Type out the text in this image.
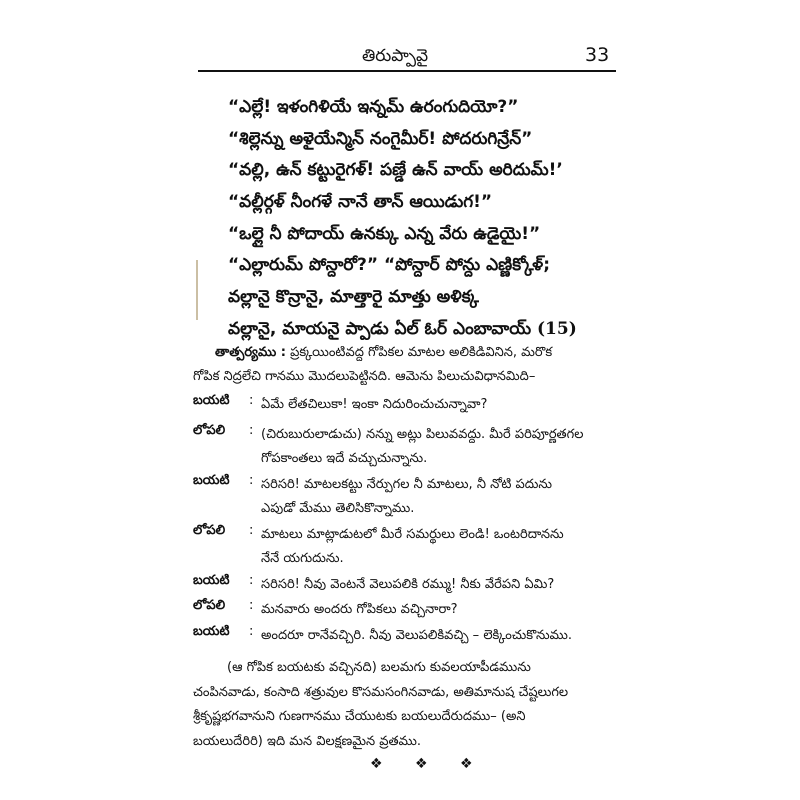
తిరుప్పావై	33
“ఎల్లే! ఇళంగిళియే ఇన్నమ్ ఉరంగుదియో?”
“శిల్లెన్ను అళైయేన్మిన్ నంగైమీర్! పోదరుగిన్రేన్”
“వల్లి, ఉన్ కట్టురైగళ్! పణ్డే ఉన్ వాయ్ అరిదుమ్!’
“వల్లీర్గళ్ నీంగళే నానే తాన్ ఆయిడుగ!”
“ఒల్లై నీ పోదాయ్ ఉనక్కు ఎన్న వేరు ఉడైయై!”
“ఎల్లారుమ్ పోన్దారో?” “పోన్దార్ పోన్దు ఎణ్ణిక్కోళ్;
వల్లానై కొన్రానై, మాత్తారై మాత్తు అళిక్క
వల్లానై, మాయనై ప్పాడు ఏల్ ఓర్ ఎంబావాయ్ (15)
తాత్పర్యము : ప్రక్కయింటివద్ద గోపికల మాటల అలికిడివినిన, మరొక
గోపిక నిద్రలేచి గానము మొదలుపెట్టినది. ఆమెను పిలుచువిధానమిది–
బయటి	: ఏమే లేతచిలుకా! ఇంకా నిదురించుచున్నావా?
లోపలి	: (చిరుబురులాడుచు) నన్ను అట్లు పిలువవద్దు. మీరే పరిపూర్ణతగల
గోపకాంతలు ఇదే వచ్చుచున్నాను.
బయటి	: సరిసరి! మాటలకట్టు నేర్పుగల నీ మాటలు, నీ నోటి పదును
ఎపుడో మేము తెలిసికొన్నాము.
లోపలి	: మాటలు మాట్లాడుటలో మీరే సమర్థులు లెండి! ఒంటరిదానను
నేనే యగుదును.
బయటి	: సరిసరి! నీవు వెంటనే వెలుపలికి రమ్ము! నీకు వేరేపని ఏమి?
లోపలి	: మనవారు అందరు గోపికలు వచ్చినారా?
బయటి	: అందరూ రానేవచ్చిరి. నీవు వెలుపలికివచ్చి – లెక్కించుకొనుము.
(ఆ గోపిక బయటకు వచ్చినది) బలమగు కువలయాపీడమును
చంపినవాడు, కంసాది శత్రువుల కొసమసంగినవాడు, అతిమానుష చేష్టలుగల
శ్రీకృష్ణభగవానుని గుణగానము చేయుటకు బయలుదేరుదము– (అని
బయలుదేరిరి) ఇది మన విలక్షణమైన వ్రతము.
❖ ❖ ❖
